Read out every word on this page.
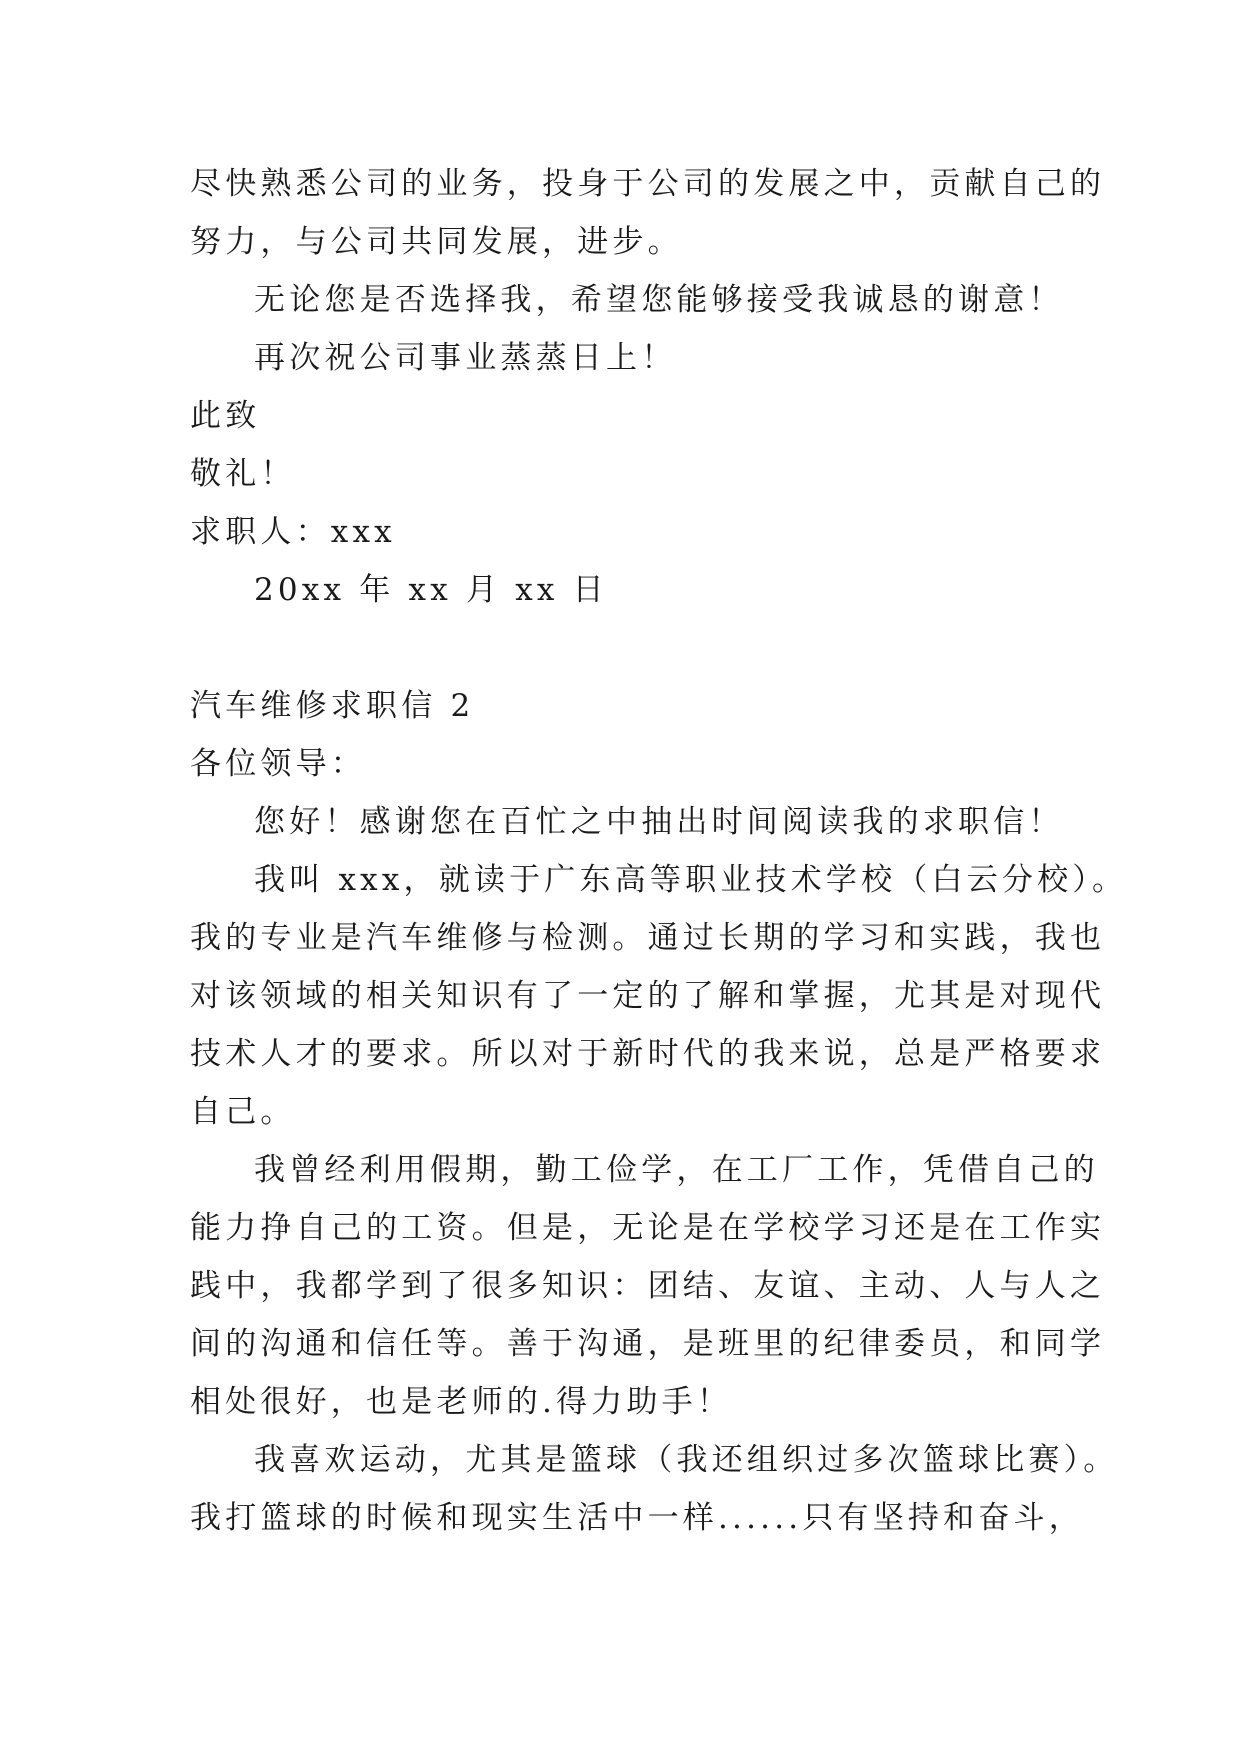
尽快熟悉公司的业务，投身于公司的发展之中，贡献自己的
努力，与公司共同发展，进步。
无论您是否选择我，希望您能够接受我诚恳的谢意！
再次祝公司事业蒸蒸日上！
此致
敬礼！
求职人：xxx
20xx 年 xx 月 xx 日
汽车维修求职信 2
各位领导：
您好！感谢您在百忙之中抽出时间阅读我的求职信！
我叫 xxx，就读于广东高等职业技术学校（白云分校）。
我的专业是汽车维修与检测。通过长期的学习和实践，我也
对该领域的相关知识有了一定的了解和掌握，尤其是对现代
技术人才的要求。所以对于新时代的我来说，总是严格要求
自己。
我曾经利用假期，勤工俭学，在工厂工作，凭借自己的
能力挣自己的工资。但是，无论是在学校学习还是在工作实
践中，我都学到了很多知识：团结、友谊、主动、人与人之
间的沟通和信任等。善于沟通，是班里的纪律委员，和同学
相处很好，也是老师的.得力助手！
我喜欢运动，尤其是篮球（我还组织过多次篮球比赛）。
我打篮球的时候和现实生活中一样......只有坚持和奋斗，
